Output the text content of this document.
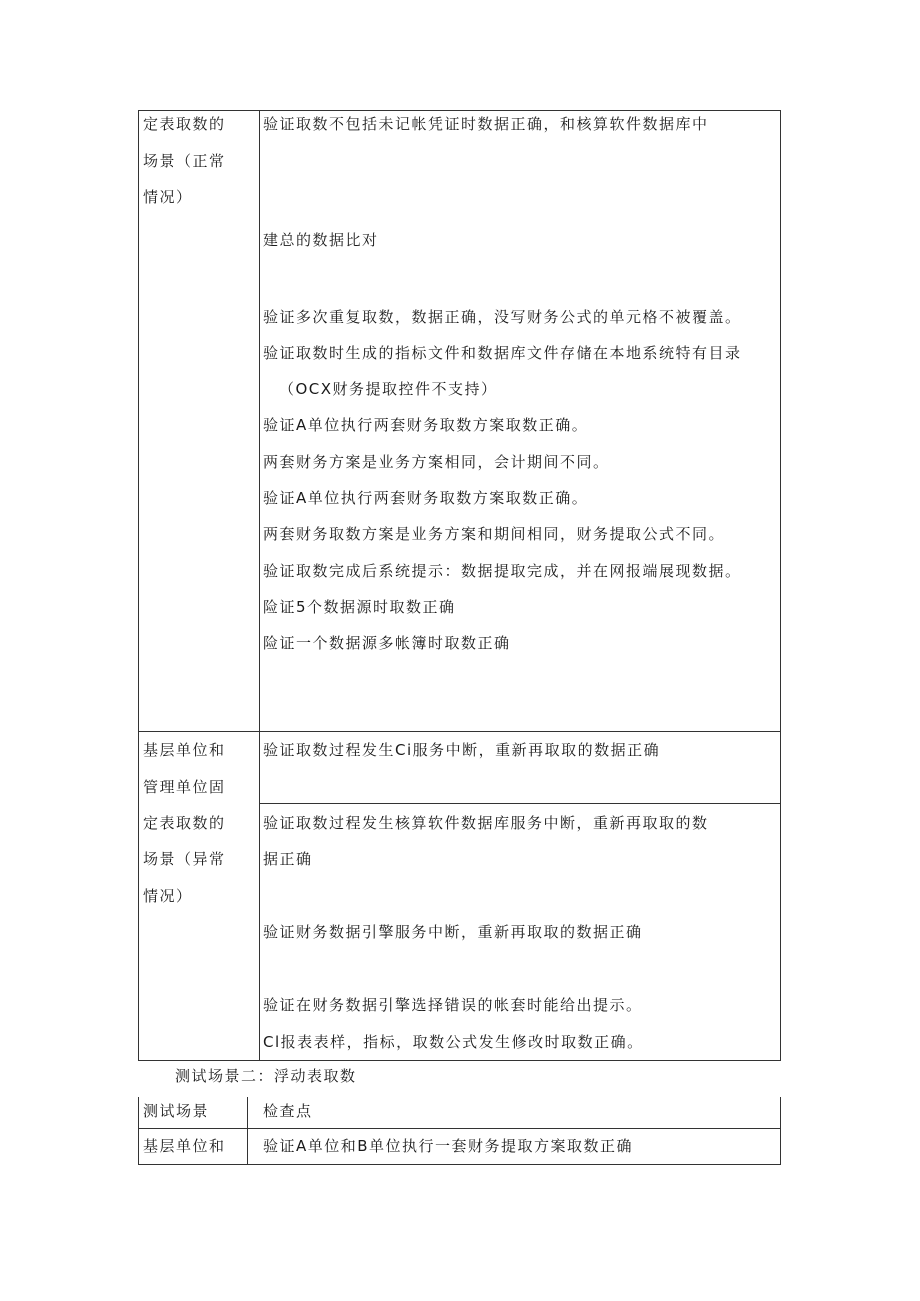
定表取数的
场景（正常
情况）
验证取数不包括未记帐凭证时数据正确，和核算软件数据库中
建总的数据比对
验证多次重复取数，数据正确，没写财务公式的单元格不被覆盖。
验证取数时生成的指标文件和数据库文件存储在本地系统特有目录
（OCX财务提取控件不支持）
验证A单位执行两套财务取数方案取数正确。
两套财务方案是业务方案相同，会计期间不同。
验证A单位执行两套财务取数方案取数正确。
两套财务取数方案是业务方案和期间相同，财务提取公式不同。
验证取数完成后系统提示：数据提取完成，并在网报端展现数据。
险证5个数据源时取数正确
险证一个数据源多帐簿时取数正确
基层单位和
管理单位固
定表取数的
场景（异常
情况）
验证取数过程发生Ci服务中断，重新再取取的数据正确
验证取数过程发生核算软件数据库服务中断，重新再取取的数
据正确
验证财务数据引擎服务中断，重新再取取的数据正确
验证在财务数据引擎选择错误的帐套时能给出提示。
Cl报表表样，指标，取数公式发生修改时取数正确。
测试场景二：浮动表取数
测试场景	检查点
基层单位和 验证A单位和B单位执行一套财务提取方案取数正确
